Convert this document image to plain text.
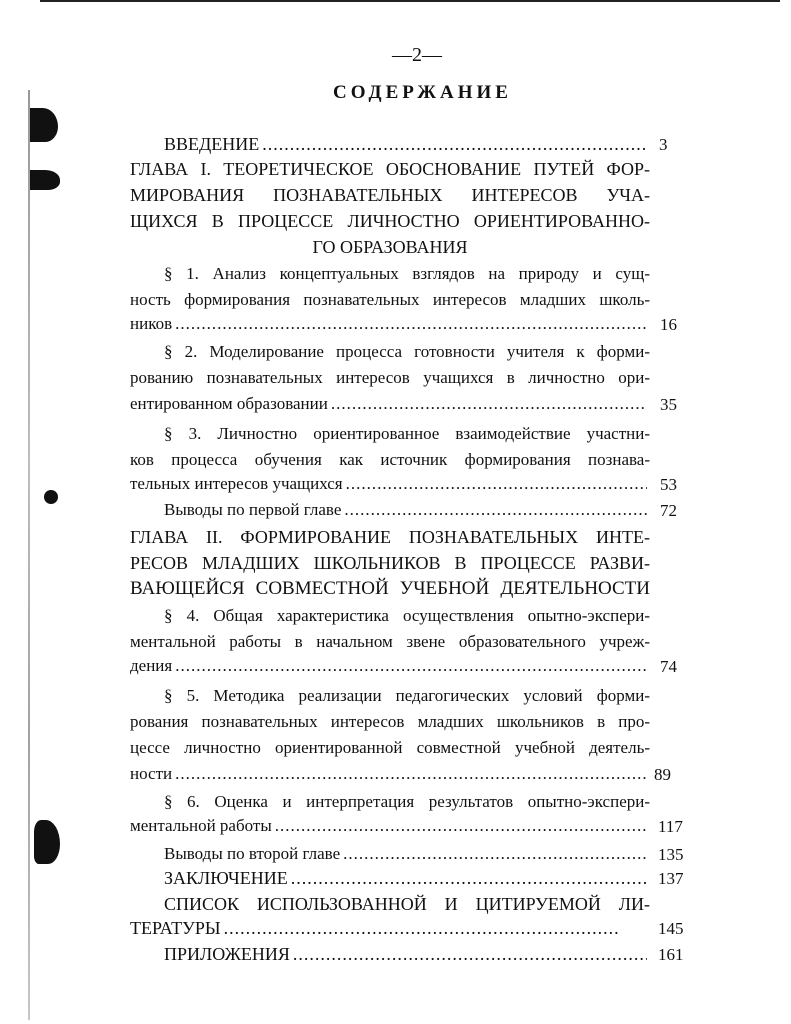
—2—
СОДЕРЖАНИЕ
ВВЕДЕНИЕ .....	3
ГЛАВА I. ТЕОРЕТИЧЕСКОЕ ОБОСНОВАНИЕ ПУТЕЙ ФОР-
МИРОВАНИЯ ПОЗНАВАТЕЛЬНЫХ ИНТЕРЕСОВ УЧА-
ЩИХСЯ В ПРОЦЕССЕ ЛИЧНОСТНО ОРИЕНТИРОВАННО-
ГО ОБРАЗОВАНИЯ
§ 1. Анализ концептуальных взглядов на природу и сущ-
ность формирования познавательных интересов младших школь-
ников .....	16
§ 2. Моделирование процесса готовности учителя к форми-
рованию познавательных интересов учащихся в личностно ори-
ентированном образовании .....	35
§ 3. Личностно ориентированное взаимодействие участни-
ков процесса обучения как источник формирования познава-
тельных интересов учащихся .....	53
Выводы по первой главе .....	72
ГЛАВА II. ФОРМИРОВАНИЕ ПОЗНАВАТЕЛЬНЫХ ИНТЕ-
РЕСОВ МЛАДШИХ ШКОЛЬНИКОВ В ПРОЦЕССЕ РАЗВИ-
ВАЮЩЕЙСЯ СОВМЕСТНОЙ УЧЕБНОЙ ДЕЯТЕЛЬНОСТИ
§ 4. Общая характеристика осуществления опытно-экспери-
ментальной работы в начальном звене образовательного учреж-
дения .....	74
§ 5. Методика реализации педагогических условий форми-
рования познавательных интересов младших школьников в про-
цессе личностно ориентированной совместной учебной деятель-
ности .....	89
§ 6. Оценка и интерпретация результатов опытно-экспери-
ментальной работы .....	117
Выводы по второй главе .....	135
ЗАКЛЮЧЕНИЕ .....	137
СПИСОК ИСПОЛЬЗОВАННОЙ И ЦИТИРУЕМОЙ ЛИ-
ТЕРАТУРЫ .....	145
ПРИЛОЖЕНИЯ .....	161
